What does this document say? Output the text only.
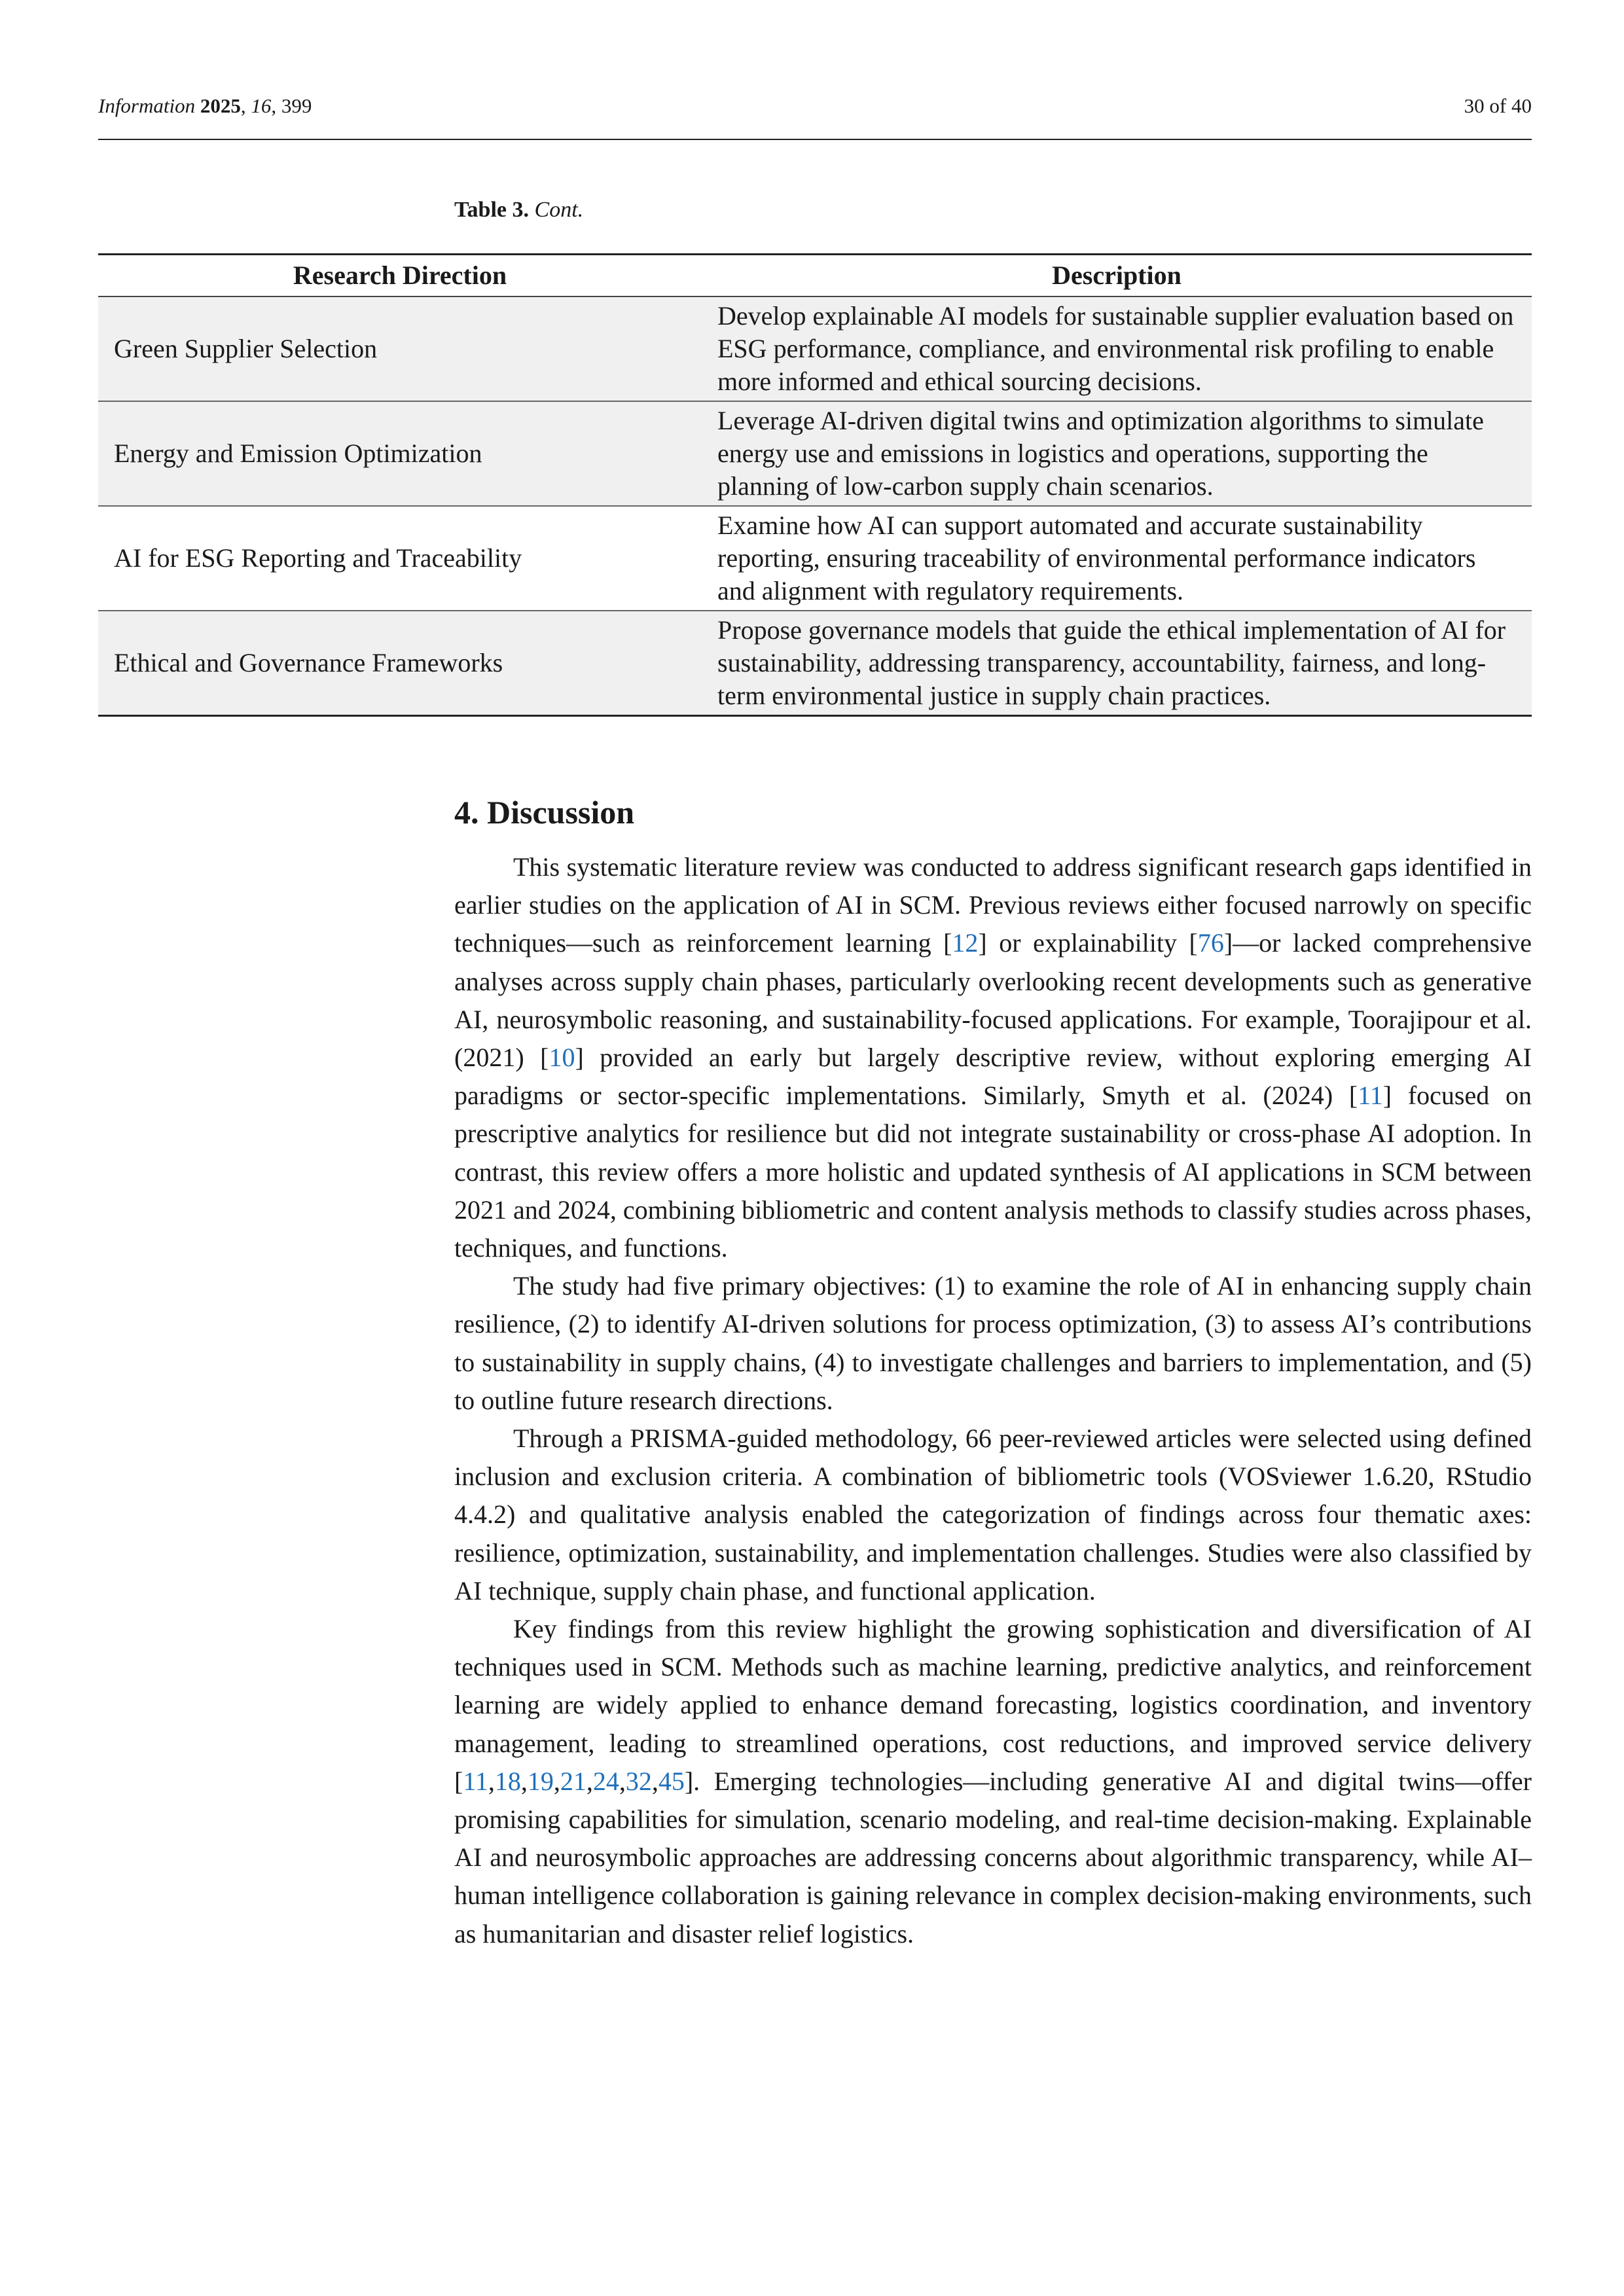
Information 2025, 16, 399	30 of 40
Table 3. Cont.
Research Direction	Description
Green Supplier Selection	Develop explainable AI models for sustainable supplier evaluation based on ESG performance, compliance, and environmental risk profiling to enable more informed and ethical sourcing decisions.
Energy and Emission Optimization	Leverage AI-driven digital twins and optimization algorithms to simulate energy use and emissions in logistics and operations, supporting the planning of low-carbon supply chain scenarios.
AI for ESG Reporting and Traceability	Examine how AI can support automated and accurate sustainability reporting, ensuring traceability of environmental performance indicators and alignment with regulatory requirements.
Ethical and Governance Frameworks	Propose governance models that guide the ethical implementation of AI for sustainability, addressing transparency, accountability, fairness, and long-term environmental justice in supply chain practices.
4. Discussion

This systematic literature review was conducted to address significant research gaps identified in earlier studies on the application of AI in SCM. Previous reviews either focused narrowly on specific techniques—such as reinforcement learning [12] or explainability [76]—or lacked comprehensive analyses across supply chain phases, particularly overlooking recent developments such as generative AI, neurosymbolic reasoning, and sustainability-focused applications. For example, Toorajipour et al. (2021) [10] provided an early but largely descriptive review, without exploring emerging AI paradigms or sector-specific implementations. Similarly, Smyth et al. (2024) [11] focused on prescriptive analytics for resilience but did not integrate sustainability or cross-phase AI adoption. In contrast, this review offers a more holistic and updated synthesis of AI applications in SCM between 2021 and 2024, combining bibliometric and content analysis methods to classify studies across phases, techniques, and functions.

The study had five primary objectives: (1) to examine the role of AI in enhancing supply chain resilience, (2) to identify AI-driven solutions for process optimization, (3) to assess AI’s contributions to sustainability in supply chains, (4) to investigate challenges and barriers to implementation, and (5) to outline future research directions.

Through a PRISMA-guided methodology, 66 peer-reviewed articles were selected using defined inclusion and exclusion criteria. A combination of bibliometric tools (VOSviewer 1.6.20, RStudio 4.4.2) and qualitative analysis enabled the categorization of findings across four thematic axes: resilience, optimization, sustainability, and implementation challenges. Studies were also classified by AI technique, supply chain phase, and functional application.

Key findings from this review highlight the growing sophistication and diversification of AI techniques used in SCM. Methods such as machine learning, predictive analytics, and reinforcement learning are widely applied to enhance demand forecasting, logistics coordination, and inventory management, leading to streamlined operations, cost reductions, and improved service delivery [11,18,19,21,24,32,45]. Emerging technologies—including generative AI and digital twins—offer promising capabilities for simulation, scenario modeling, and real-time decision-making. Explainable AI and neurosymbolic approaches are addressing concerns about algorithmic transparency, while AI–human intelligence collaboration is gaining relevance in complex decision-making environments, such as humanitarian and disaster relief logistics.
